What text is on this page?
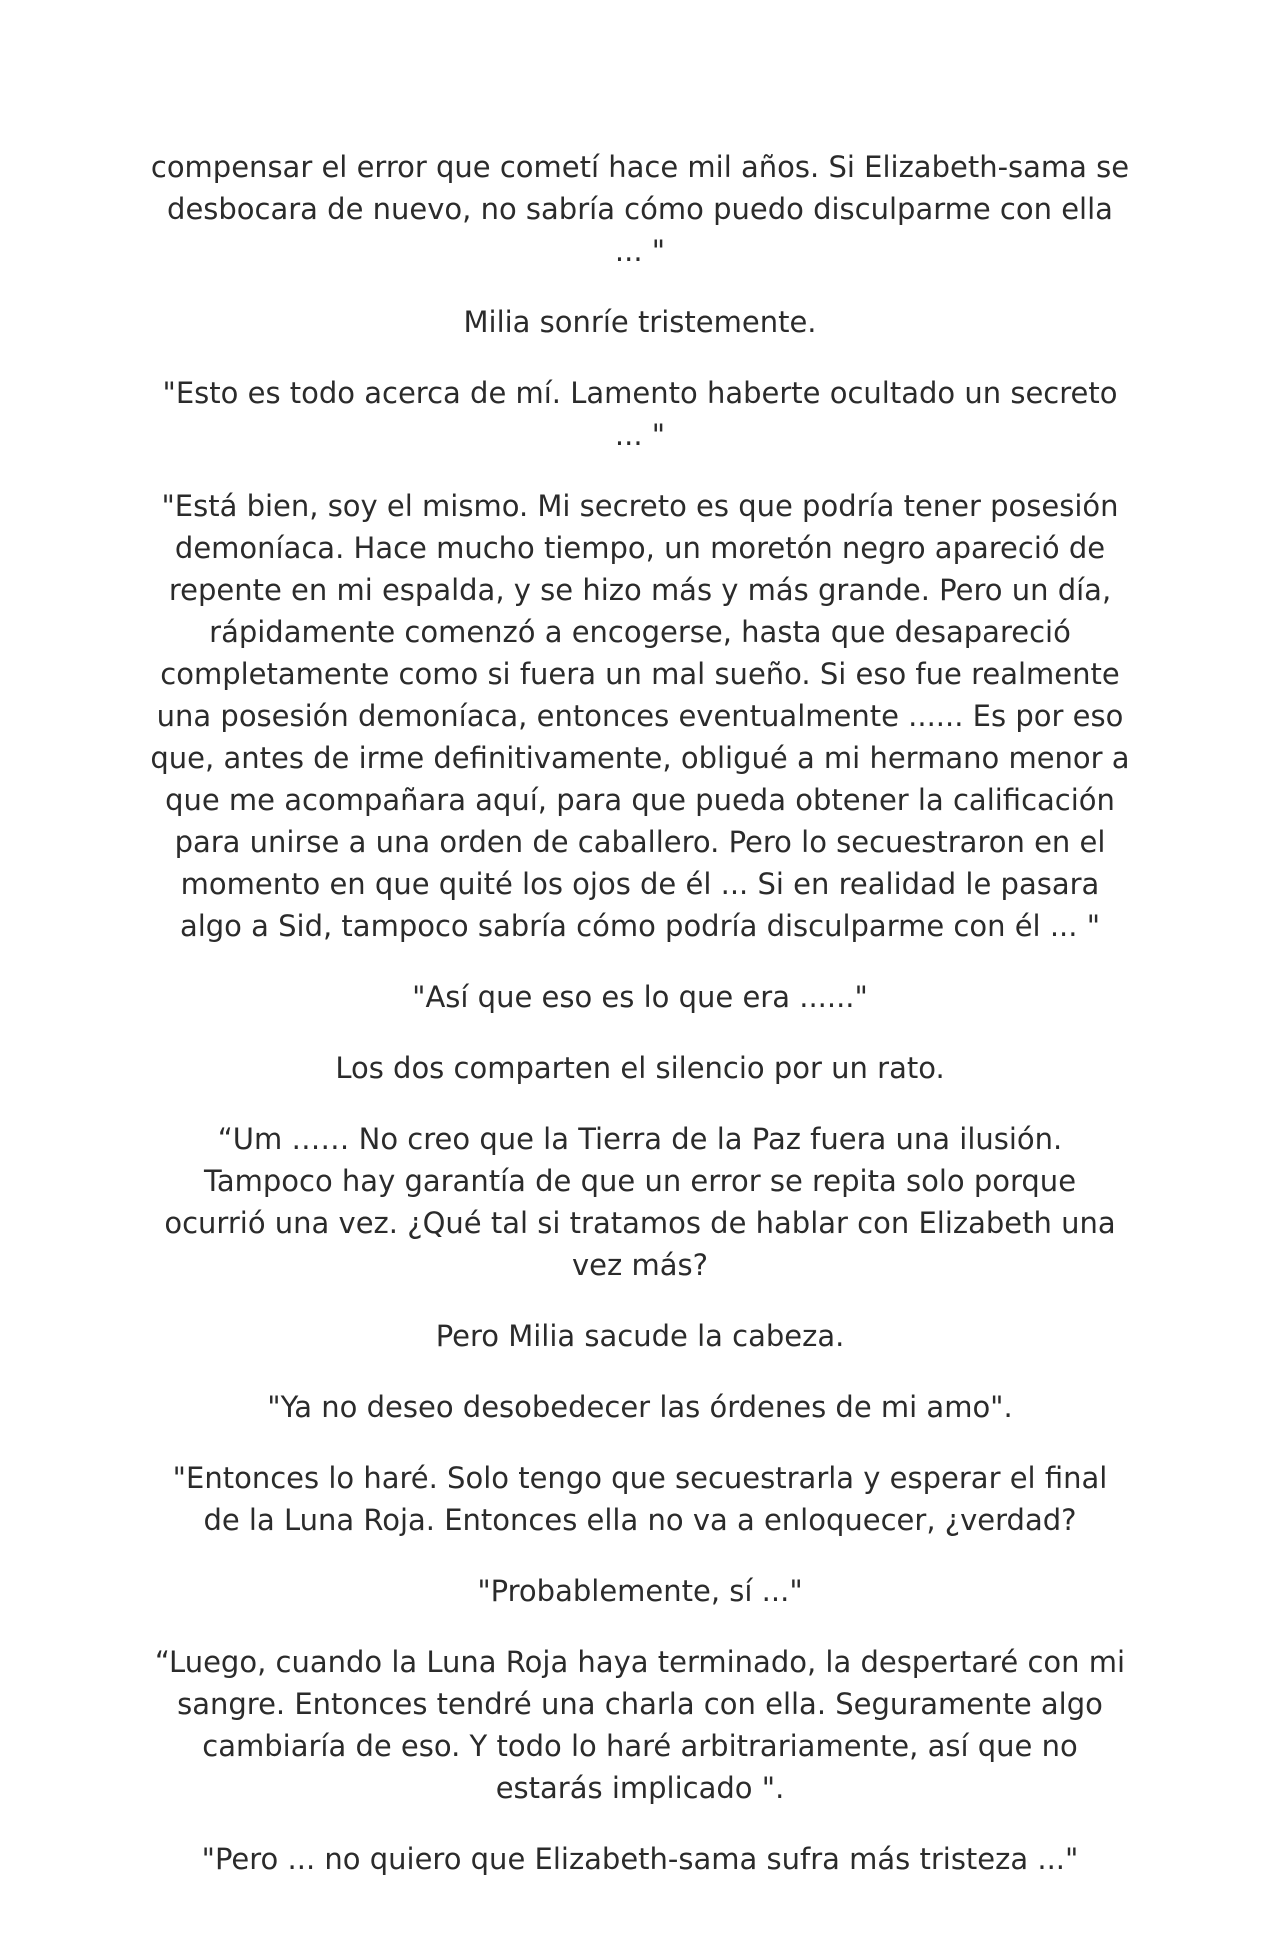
compensar el error que cometí hace mil años. Si Elizabeth-sama se desbocara de nuevo, no sabría cómo puedo disculparme con ella ... "

Milia sonríe tristemente.

"Esto es todo acerca de mí. Lamento haberte ocultado un secreto ... "

"Está bien, soy el mismo. Mi secreto es que podría tener posesión demoníaca. Hace mucho tiempo, un moretón negro apareció de repente en mi espalda, y se hizo más y más grande. Pero un día, rápidamente comenzó a encogerse, hasta que desapareció completamente como si fuera un mal sueño. Si eso fue realmente una posesión demoníaca, entonces eventualmente ...... Es por eso que, antes de irme definitivamente, obligué a mi hermano menor a que me acompañara aquí, para que pueda obtener la calificación para unirse a una orden de caballero. Pero lo secuestraron en el momento en que quité los ojos de él ... Si en realidad le pasara algo a Sid, tampoco sabría cómo podría disculparme con él ... "

"Así que eso es lo que era ......"

Los dos comparten el silencio por un rato.

“Um …… No creo que la Tierra de la Paz fuera una ilusión. Tampoco hay garantía de que un error se repita solo porque ocurrió una vez. ¿Qué tal si tratamos de hablar con Elizabeth una vez más?

Pero Milia sacude la cabeza.

"Ya no deseo desobedecer las órdenes de mi amo".

"Entonces lo haré. Solo tengo que secuestrarla y esperar el final de la Luna Roja. Entonces ella no va a enloquecer, ¿verdad?

"Probablemente, sí ..."

“Luego, cuando la Luna Roja haya terminado, la despertaré con mi sangre. Entonces tendré una charla con ella. Seguramente algo cambiaría de eso. Y todo lo haré arbitrariamente, así que no estarás implicado ".

"Pero ... no quiero que Elizabeth-sama sufra más tristeza ..."
